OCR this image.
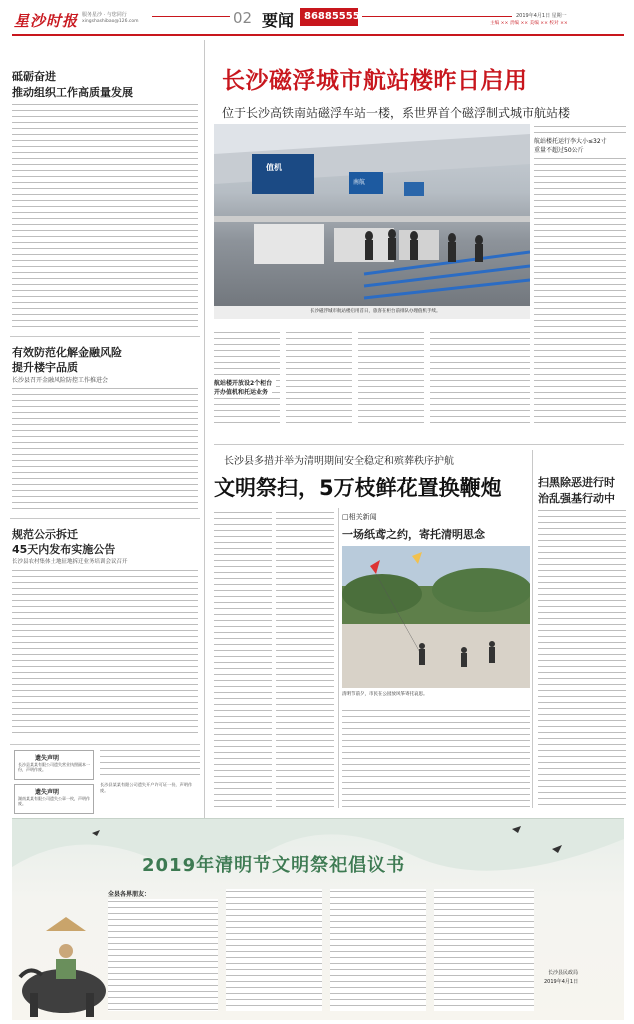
星沙时报 服务星沙 · 与您同行
xingshashibao@126.com	02 要闻 86885555	2019年4月1日 星期一
主编 ×× 责编 ×× 美编 ×× 校对 ××
砥砺奋进
推动组织工作高质量发展
有效防范化解金融风险
提升楼宇品质
长沙县召开金融风险防控工作推进会
规范公示拆迁
45天内发布实施公告
长沙县农村集体土地征地拆迁业务培训会议召开
遗失声明
长沙县某某有限公司遗失营业执照副本一份，声明作废。
遗失声明
湖南某某有限公司遗失公章一枚，声明作废。
长沙县某某有限公司遗失开户许可证一份，声明作废。
长沙磁浮城市航站楼昨日启用
位于长沙高铁南站磁浮车站一楼，系世界首个磁浮制式城市航站楼
值机
南航
长沙磁浮城市航站楼启用首日，旅客在柜台前排队办理值机手续。
航站楼托运行李大小≤32寸
重量不超过50公斤
航站楼开放设2个柜台
开办值机和托运业务
长沙县多措并举为清明期间安全稳定和殡葬秩序护航
文明祭扫，5万枝鲜花置换鞭炮
□相关新闻
一场纸鸢之约，寄托清明思念
清明节前夕，市民在公园放风筝寄托哀思。
扫黑除恶进行时
治乱强基行动中
2019年清明节文明祭祀倡议书
全县各界朋友：
长沙县民政局
2019年4月1日
